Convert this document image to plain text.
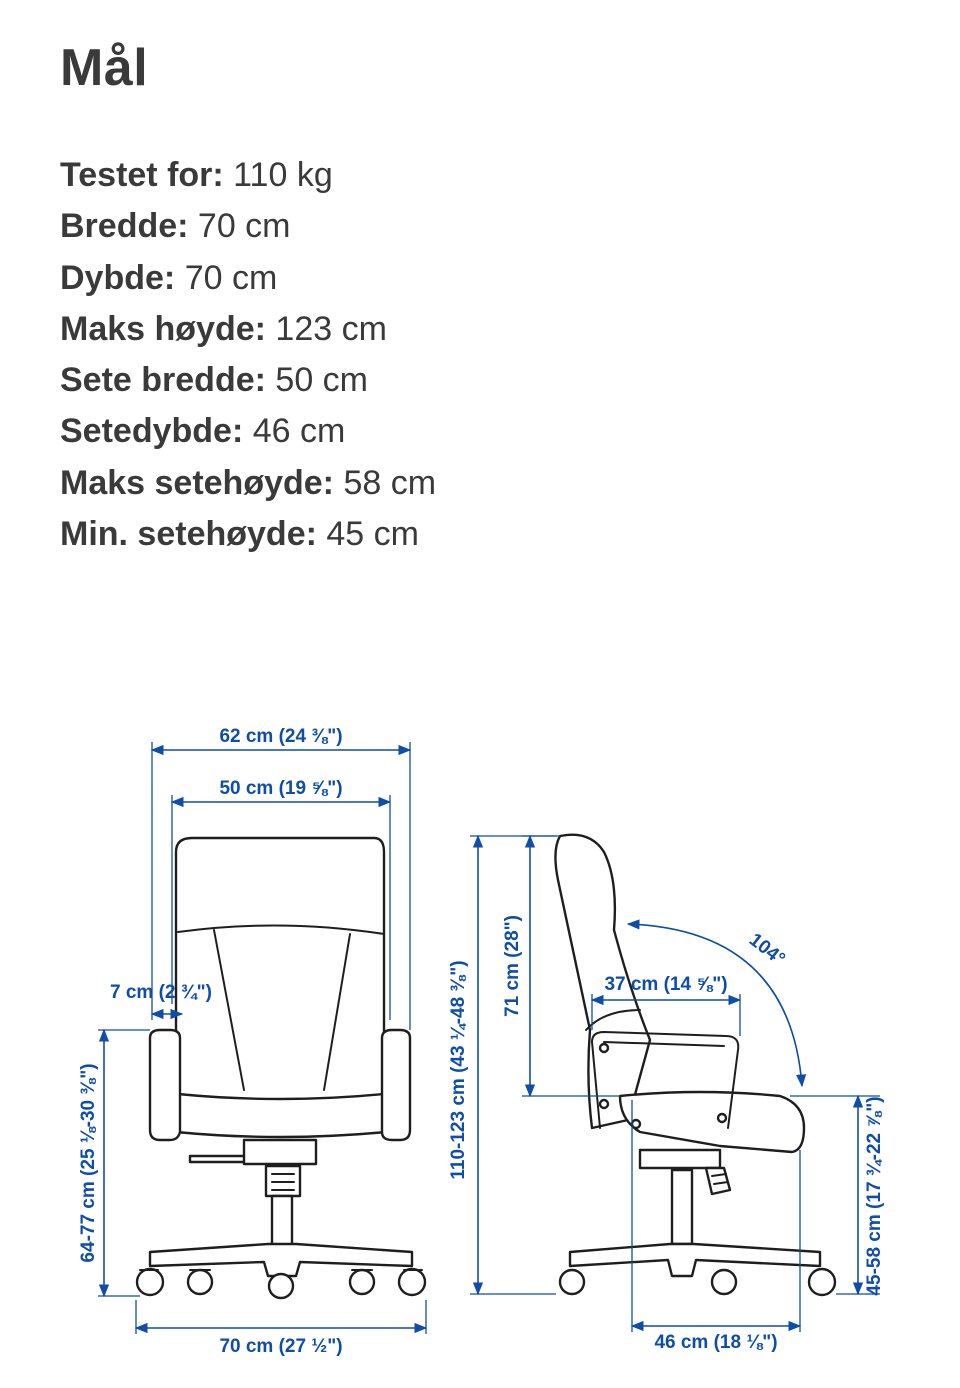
Mål
Testet for: 110 kg
Bredde: 70 cm
Dybde: 70 cm
Maks høyde: 123 cm
Sete bredde: 50 cm
Setedybde: 46 cm
Maks setehøyde: 58 cm
Min. setehøyde: 45 cm
62 cm (24 ⅜")
50 cm (19 ⅝")
7 cm (2 ¾")
64-77 cm (25 ⅛-30 ⅜")
70 cm (27 ½")
110-123 cm (43 ¼-48 ⅜") 71 cm (28")	37 cm (14 ⅝")
104°
45-58 cm (17 ¾-22 ⅞")
46 cm (18 ⅛")
